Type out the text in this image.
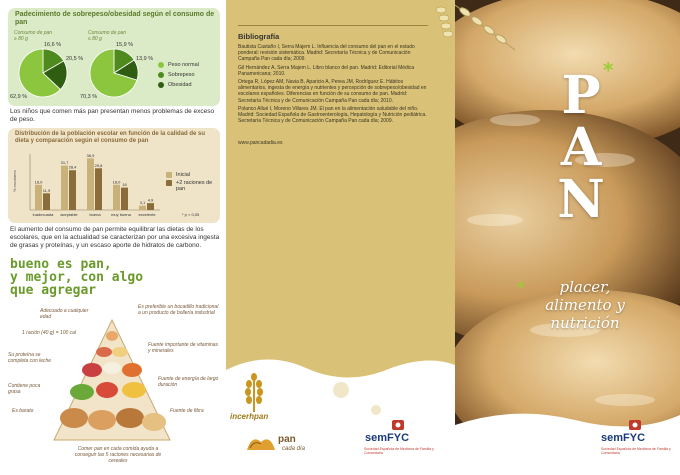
Padecimiento de sobrepeso/obesidad según el consumo de pan
Consumo de pan ≥ 80 g
Consumo de pan ≤ 80 g
16,6 %
20,5 %
62,9 %
15,9 %
13,9 %
70,3 %
Peso normal
Sobrepeso
Obesidad
Los niños que comen más pan presentan menos problemas de exceso de peso.
Distribución de la población escolar en función de la calidad de su dieta y comparación según el consumo de pan
% escolares	18,0
11,9
inadecuada
31,7
28,4
aceptable
36,9
29,8
buena
18,0
16
muy buena
3,1
4,9
excelente
Inicial
+2 raciones de pan
* p < 0,05
El aumento del consumo de pan permite equilibrar las dietas de los escolares, que en la actualidad se caracterizan por una excesiva ingesta de grasas y proteínas, y un escaso aporte de hidratos de carbono.
bueno es pan,
y mejor, con algo
que agregar
Adecuado a cualquier edad
1 ración (40 g) = 100 cal
Su proteína se completa con leche
Contiene poca grasa
Es barato
Es preferible un bocadillo tradicional a un producto de bollería industrial
Fuente importante de vitaminas y minerales
Fuente de energía de largo duración
Fuente de fibra
Comer pan en cada comida ayuda a conseguir las 5 raciones necesarias de cereales
Bibliografía
Bautista Castaño I, Serra Majem L. Influencia del consumo del pan en el estado ponderal: revisión sistemática. Madrid: Secretaría Técnica y de Comunicación Campaña Pan cada día; 2009.
Gil Hernández A, Serra Majem L. Libro blanco del pan. Madrid: Editorial Médica Panamericana; 2010.
Ortega R, López AM, Navia B, Aparicio A, Perea JM, Rodríguez E. Hábitos alimentarios, ingesta de energía y nutrientes y percepción de sobrepeso/obesidad en escolares españoles. Diferencias en función de su consumo de pan. Madrid: Secretaría Técnica y de Comunicación Campaña Pan cada día; 2010.
Polanco Allué I, Moreno Villares JM. El pan en la alimentación saludable del niño. Madrid: Sociedad Española de Gastroenterología, Hepatología y Nutrición pediátrica. Secretaría Técnica y de Comunicación Campaña Pan cada día; 2009.
www.pancadadia.es
incerhpan
pan
cada día
semFYC
Sociedad Española de Medicina de Familia y Comunitaria
*
P
A
N
*	placer,
alimento y
nutrición
semFYC
Sociedad Española de Medicina de Familia y Comunitaria
